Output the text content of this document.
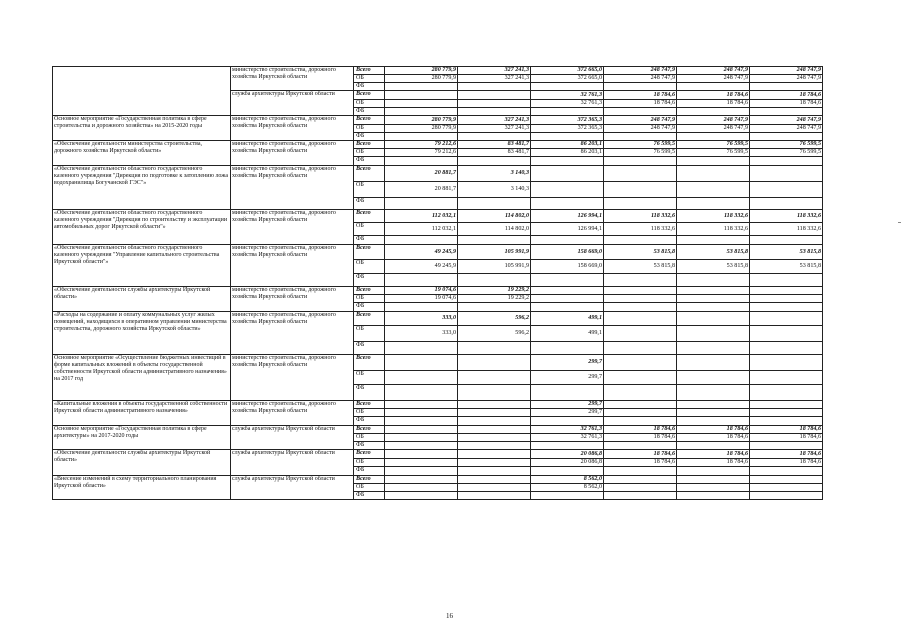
	министерство строительства, дорожного хозяйства Иркутской области	Всего	280 779,9	327 241,3	372 665,0	248 747,9	248 747,9	248 747,9
		ОБ	280 779,9	327 241,3	372 665,0	248 747,9	248 747,9	248 747,9
		ФБ						
	служба архитектуры Иркутской области	Всего			32 761,3	18 784,6	18 784,6	18 784,6
		ОБ			32 761,3	18 784,6	18 784,6	18 784,6
		ФБ						
Основное мероприятие «Государственная политика в сфере строительства и дорожного хозяйства» на 2015-2020 годы	министерство строительства, дорожного хозяйства Иркутской области	Всего	280 779,9	327 241,3	372 365,3	248 747,9	248 747,9	248 747,9
		ОБ	280 779,9	327 241,3	372 365,3	248 747,9	248 747,9	248 747,9
		ФБ						
«Обеспечение деятельности министерства строительства, дорожного хозяйства Иркутской области»	министерство строительства, дорожного хозяйства Иркутской области	Всего	79 212,6	83 481,7	86 203,1	76 599,5	76 599,5	76 599,5
		ОБ	79 212,6	83 481,7	86 203,1	76 599,5	76 599,5	76 599,5
		ФБ						
«Обеспечение деятельности областного государственного казенного учреждения "Дирекция по подготовке к затоплению ложа водохранилища Богучанской ГЭС"»	министерство строительства, дорожного хозяйства Иркутской области	Всего	20 881,7	3 140,3				
		ОБ	20 881,7	3 140,3				
		ФБ						
«Обеспечение деятельности областного государственного казенного учреждения "Дирекция по строительству и эксплуатации автомобильных дорог Иркутской области"»	министерство строительства, дорожного хозяйства Иркутской области	Всего	112 032,1	114 802,0	126 994,1	118 332,6	118 332,6	118 332,6
		ОБ	112 032,1	114 802,0	126 994,1	118 332,6	118 332,6	118 332,6
		ФБ						
«Обеспечение деятельности областного государственного казенного учреждения "Управление капитального строительства Иркутской области"»	министерство строительства, дорожного хозяйства Иркутской области	Всего	49 245,9	105 991,9	158 669,0	53 815,8	53 815,8	53 815,8
		ОБ	49 245,9	105 991,9	158 669,0	53 815,8	53 815,8	53 815,8
		ФБ						
«Обеспечение деятельности службы архитектуры Иркутской области»	министерство строительства, дорожного хозяйства Иркутской области	Всего	19 074,6	19 229,2				
		ОБ	19 074,6	19 229,2				
		ФБ						
«Расходы на содержание и оплату коммунальных услуг жилых помещений, находящихся в оперативном управлении министерства строительства, дорожного хозяйства Иркутской области»	министерство строительства, дорожного хозяйства Иркутской области	Всего	333,0	596,2	499,1			
		ОБ	333,0	596,2	499,1			
		ФБ						
Основное мероприятие «Осуществление бюджетных инвестиций в форме капитальных вложений в объекты государственной собственности Иркутской области административного назначения» на 2017 год	министерство строительства, дорожного хозяйства Иркутской области	Всего			299,7			
		ОБ			299,7			
		ФБ						
«Капитальные вложения в объекты государственной собственности Иркутской области административного назначения»	министерство строительства, дорожного хозяйства Иркутской области	Всего			299,7			
		ОБ			299,7			
		ФБ						
Основное мероприятие «Государственная политика в сфере архитектуры» на 2017-2020 годы	служба архитектуры Иркутской области	Всего			32 761,3	18 784,6	18 784,6	18 784,6
		ОБ			32 761,3	18 784,6	18 784,6	18 784,6
		ФБ						
«Обеспечение деятельности службы архитектуры Иркутской области»	служба архитектуры Иркутской области	Всего			20 086,8	18 784,6	18 784,6	18 784,6
		ОБ			20 086,8	18 784,6	18 784,6	18 784,6
		ФБ						
«Внесение изменений в схему территориального планирования Иркутской области»	служба архитектуры Иркутской области	Всего			8 562,0			
		ОБ			8 562,0			
		ФБ						
16
